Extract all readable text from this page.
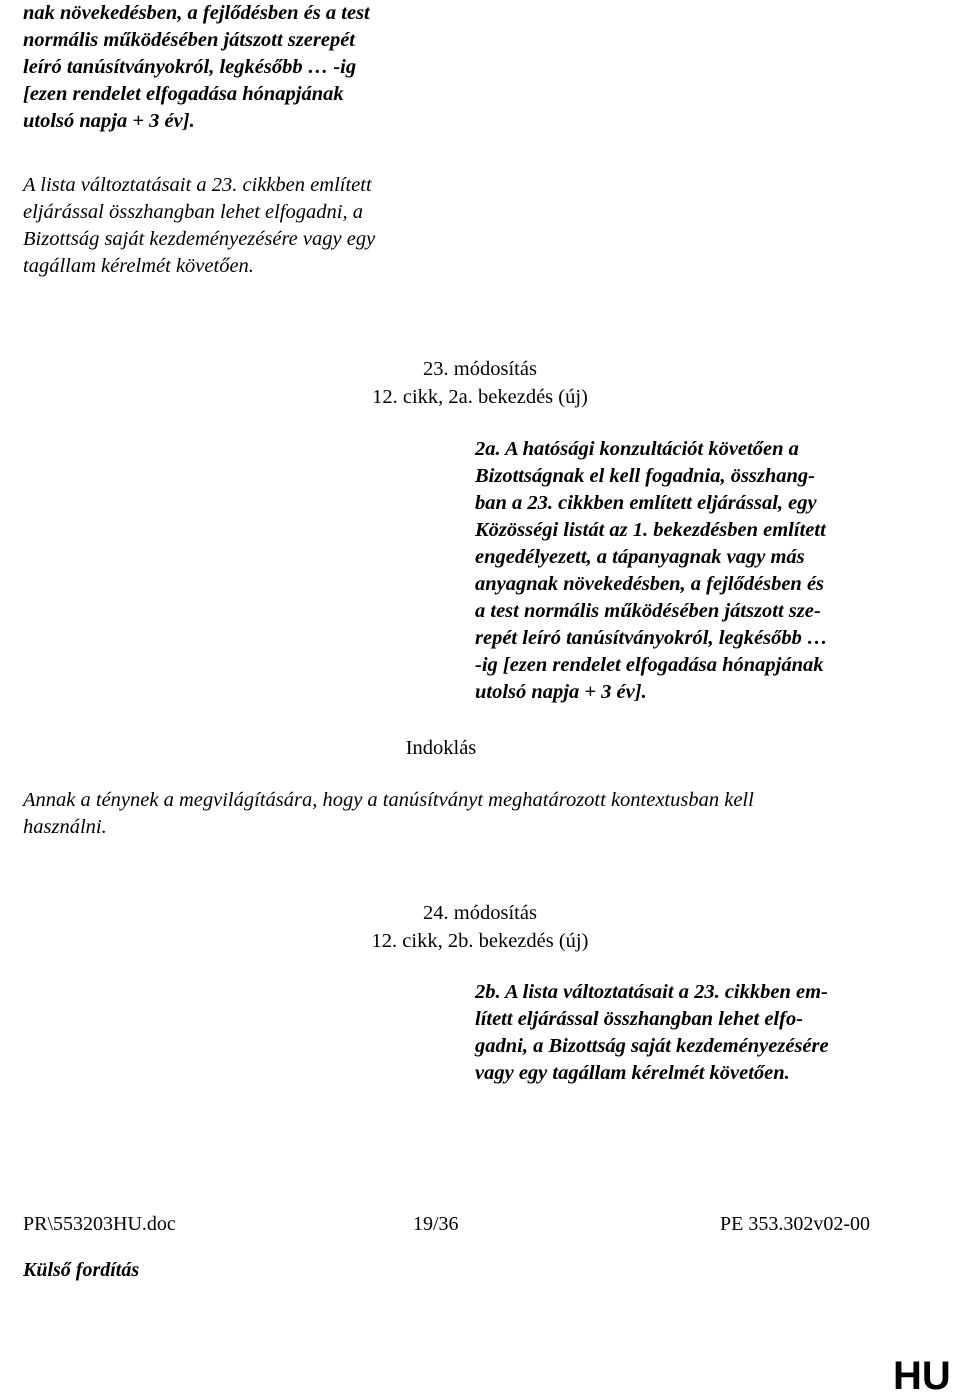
nak növekedésben, a fejlődésben és a test
normális működésében játszott szerepét
leíró tanúsítványokról, legkésőbb … -ig
[ezen rendelet elfogadása hónapjának
utolsó napja + 3 év].
A lista változtatásait a 23. cikkben említett
eljárással összhangban lehet elfogadni, a
Bizottság saját kezdeményezésére vagy egy
tagállam kérelmét követően.
23. módosítás
12. cikk, 2a. bekezdés (új)
2a. A hatósági konzultációt követően a
Bizottságnak el kell fogadnia, összhang-
ban a 23. cikkben említett eljárással, egy
Közösségi listát az 1. bekezdésben említett
engedélyezett, a tápanyagnak vagy más
anyagnak növekedésben, a fejlődésben és
a test normális működésében játszott sze-
repét leíró tanúsítványokról, legkésőbb …
-ig [ezen rendelet elfogadása hónapjának
utolsó napja + 3 év].
Indoklás
Annak a ténynek a megvilágítására, hogy a tanúsítványt meghatározott kontextusban kell
használni.
24. módosítás
12. cikk, 2b. bekezdés (új)
2b. A lista változtatásait a 23. cikkben em-
lített eljárással összhangban lehet elfo-
gadni, a Bizottság saját kezdeményezésére
vagy egy tagállam kérelmét követően.
PR\553203HU.doc	19/36	PE 353.302v02-00
Külső fordítás
HU
